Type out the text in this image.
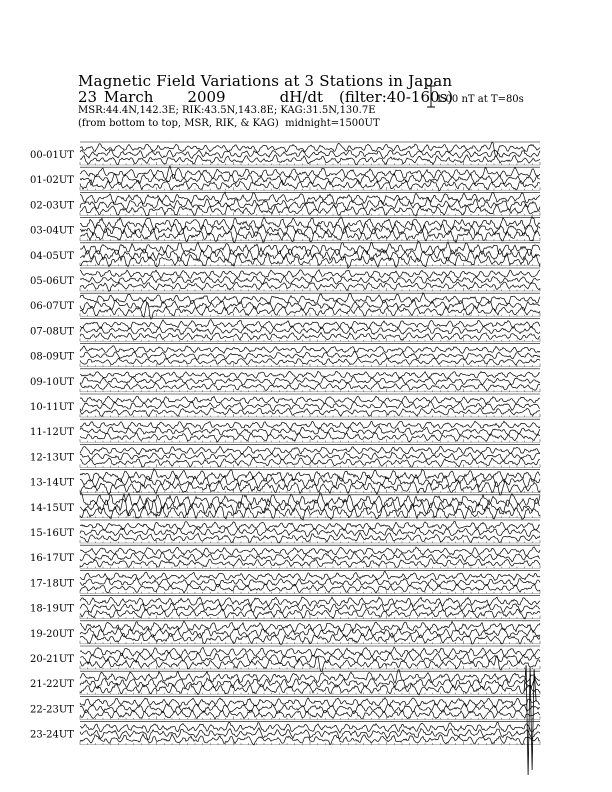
Magnetic Field Variations at 3 Stations in Japan
23 March 2009	dH/dt (filter:40-160s)
MSR:44.4N,142.3E; RIK:43.5N,143.8E; KAG:31.5N,130.7E
(from bottom to top, MSR, RIK, & KAG) midnight=1500UT
1.00 nT at T=80s
00-01UT
01-02UT
02-03UT
03-04UT
04-05UT
05-06UT
06-07UT
07-08UT
08-09UT
09-10UT
10-11UT
11-12UT
12-13UT
13-14UT
14-15UT
15-16UT
16-17UT
17-18UT
18-19UT
19-20UT
20-21UT
21-22UT
22-23UT
23-24UT
